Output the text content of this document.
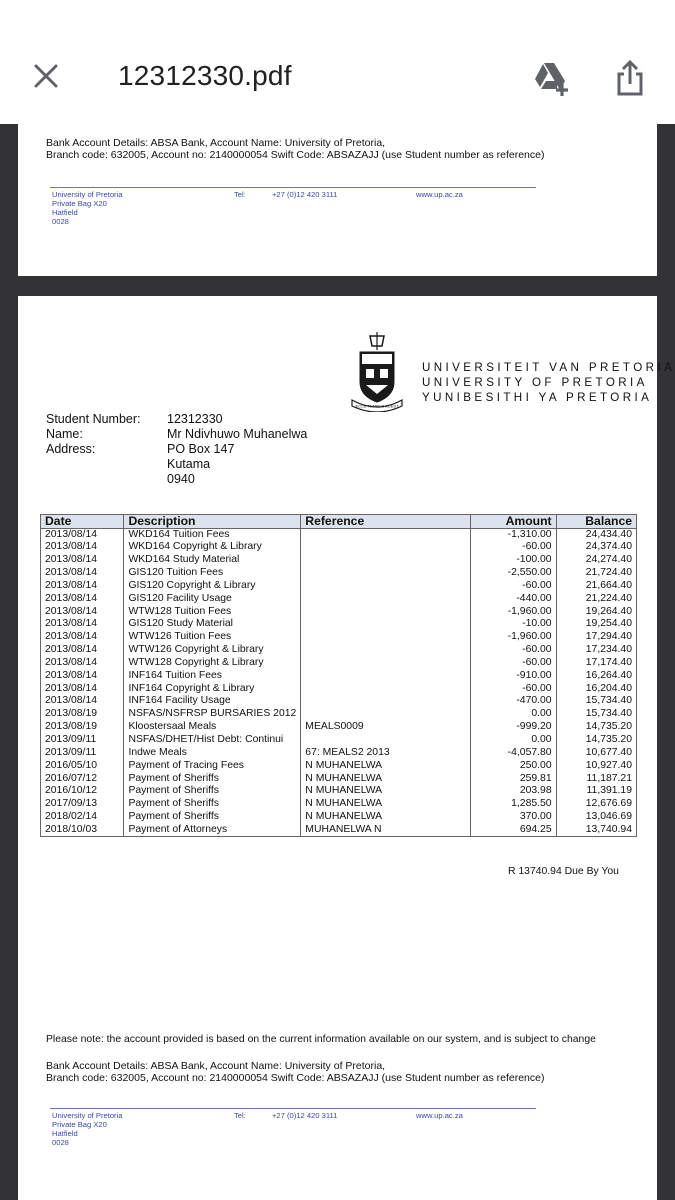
12312330.pdf
Bank Account Details: ABSA Bank, Account Name: University of Pretoria,
Branch code: 632005, Account no: 2140000054 Swift Code: ABSAZAJJ (use Student number as reference)
University of Pretoria
Private Bag X20
Hatfield
0028
Tel:	+27 (0)12 420 3111	www.up.ac.za
ECCE TEMPUS ADEST
UNIVERSITEIT VAN PRETORIA
UNIVERSITY OF PRETORIA
YUNIBESITHI YA PRETORIA
Student Number:	12312330
Name:	Mr Ndivhuwo Muhanelwa
Address:	PO Box 147
Kutama
0940
Date	Description	Reference	Amount	Balance
2013/08/14	WKD164 Tuition Fees		-1,310.00	24,434.40
2013/08/14	WKD164 Copyright & Library		-60.00	24,374.40
2013/08/14	WKD164 Study Material		-100.00	24,274.40
2013/08/14	GIS120 Tuition Fees		-2,550.00	21,724.40
2013/08/14	GIS120 Copyright & Library		-60.00	21,664.40
2013/08/14	GIS120 Facility Usage		-440.00	21,224.40
2013/08/14	WTW128 Tuition Fees		-1,960.00	19,264.40
2013/08/14	GIS120 Study Material		-10.00	19,254.40
2013/08/14	WTW126 Tuition Fees		-1,960.00	17,294.40
2013/08/14	WTW126 Copyright & Library		-60.00	17,234.40
2013/08/14	WTW128 Copyright & Library		-60.00	17,174.40
2013/08/14	INF164 Tuition Fees		-910.00	16,264.40
2013/08/14	INF164 Copyright & Library		-60.00	16,204.40
2013/08/14	INF164 Facility Usage		-470.00	15,734.40
2013/08/19	NSFAS/NSFRSP BURSARIES 2012		0.00	15,734.40
2013/08/19	Kloostersaal Meals	MEALS0009	-999.20	14,735.20
2013/09/11	NSFAS/DHET/Hist Debt: Continui		0.00	14,735.20
2013/09/11	Indwe Meals	67: MEALS2 2013	-4,057.80	10,677.40
2016/05/10	Payment of Tracing Fees	N MUHANELWA	250.00	10,927.40
2016/07/12	Payment of Sheriffs	N MUHANELWA	259.81	11,187.21
2016/10/12	Payment of Sheriffs	N MUHANELWA	203.98	11,391.19
2017/09/13	Payment of Sheriffs	N MUHANELWA	1,285.50	12,676.69
2018/02/14	Payment of Sheriffs	N MUHANELWA	370.00	13,046.69
2018/10/03	Payment of Attorneys	MUHANELWA N	694.25	13,740.94
R 13740.94 Due By You
Please note: the account provided is based on the current information available on our system, and is subject to change
Bank Account Details: ABSA Bank, Account Name: University of Pretoria,
Branch code: 632005, Account no: 2140000054 Swift Code: ABSAZAJJ (use Student number as reference)
University of Pretoria
Private Bag X20
Hatfield
0028
Tel:	+27 (0)12 420 3111	www.up.ac.za
